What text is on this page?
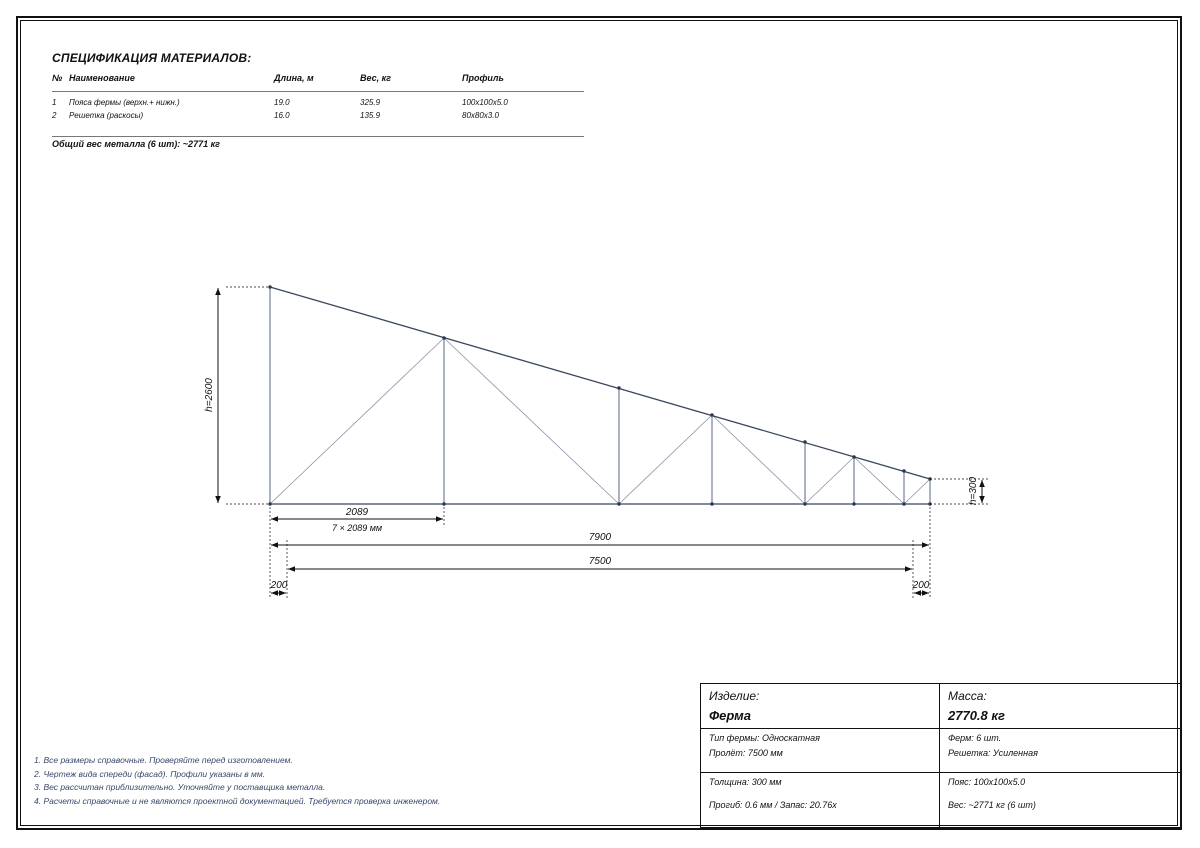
СПЕЦИФИКАЦИЯ МАТЕРИАЛОВ:
№ Наименование	Длина, м	Вес, кг	Профиль
1 Пояса фермы (верхн.+ нижн.)	19.0	325.9	100x100x5.0
2 Решетка (раскосы)	16.0	135.9	80x80x3.0
Общий вес металла (6 шт): ~2771 кг
h=2600
h=300
2089
7 × 2089 мм
7900
7500
200	200
1. Все размеры справочные. Проверяйте перед изготовлением.
2. Чертеж вида спереди (фасад). Профили указаны в мм.
3. Вес рассчитан приблизительно. Уточняйте у поставщика металла.
4. Расчеты справочные и не являются проектной документацией. Требуется проверка инженером.
Изделие:
Ферма
Масса:
2770.8 кг
Тип фермы: Односкатная
Пролёт: 7500 мм
Ферм: 6 шт.
Решетка: Усиленная
Толщина: 300 мм
Прогиб: 0.6 мм / Запас: 20.76x
Пояс: 100x100x5.0
Вес: ~2771 кг (6 шт)
